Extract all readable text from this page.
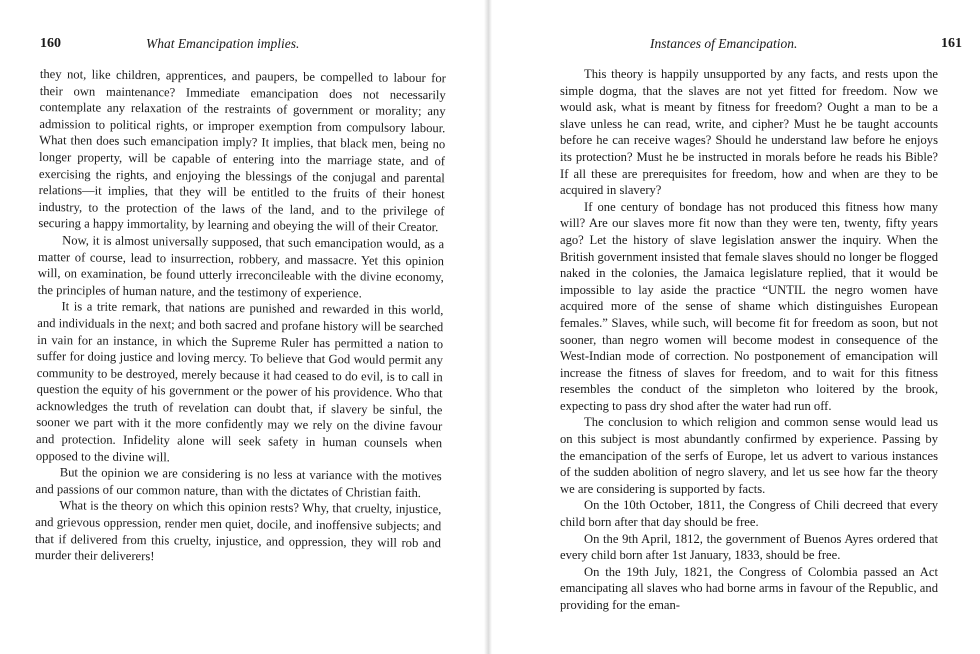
160	What Emancipation implies.

they not, like children, apprentices, and paupers, be compelled to labour for their own maintenance? Immediate emancipation does not necessarily contemplate any relaxation of the restraints of government or morality; any admission to political rights, or improper exemption from compulsory labour. What then does such emancipation imply? It implies, that black men, being no longer property, will be capable of entering into the marriage state, and of exercising the rights, and enjoying the blessings of the conjugal and parental relations—it implies, that they will be entitled to the fruits of their honest industry, to the protection of the laws of the land, and to the privilege of securing a happy immortality, by learning and obeying the will of their Creator.

Now, it is almost universally supposed, that such emancipation would, as a matter of course, lead to insurrection, robbery, and massacre. Yet this opinion will, on examination, be found utterly irreconcileable with the divine economy, the principles of human nature, and the testimony of experience.

It is a trite remark, that nations are punished and rewarded in this world, and individuals in the next; and both sacred and profane history will be searched in vain for an instance, in which the Supreme Ruler has permitted a nation to suffer for doing justice and loving mercy. To believe that God would permit any community to be destroyed, merely because it had ceased to do evil, is to call in question the equity of his government or the power of his providence. Who that acknowledges the truth of revelation can doubt that, if slavery be sinful, the sooner we part with it the more confidently may we rely on the divine favour and protection. Infidelity alone will seek safety in human counsels when opposed to the divine will.

But the opinion we are considering is no less at variance with the motives and passions of our common nature, than with the dictates of Christian faith.

What is the theory on which this opinion rests? Why, that cruelty, injustice, and grievous oppression, render men quiet, docile, and inoffensive subjects; and that if delivered from this cruelty, injustice, and oppression, they will rob and murder their deliverers!

Instances of Emancipation.	161

This theory is happily unsupported by any facts, and rests upon the simple dogma, that the slaves are not yet fitted for freedom. Now we would ask, what is meant by fitness for freedom? Ought a man to be a slave unless he can read, write, and cipher? Must he be taught accounts before he can receive wages? Should he understand law before he enjoys its protection? Must he be instructed in morals before he reads his Bible? If all these are prerequisites for freedom, how and when are they to be acquired in slavery?

If one century of bondage has not produced this fitness how many will? Are our slaves more fit now than they were ten, twenty, fifty years ago? Let the history of slave legislation answer the inquiry. When the British government insisted that female slaves should no longer be flogged naked in the colonies, the Jamaica legislature replied, that it would be impossible to lay aside the practice “UNTIL the negro women have acquired more of the sense of shame which distinguishes European females.” Slaves, while such, will become fit for freedom as soon, but not sooner, than negro women will become modest in consequence of the West-Indian mode of correction. No postponement of emancipation will increase the fitness of slaves for freedom, and to wait for this fitness resembles the conduct of the simpleton who loitered by the brook, expecting to pass dry shod after the water had run off.

The conclusion to which religion and common sense would lead us on this subject is most abundantly confirmed by experience. Passing by the emancipation of the serfs of Europe, let us advert to various instances of the sudden abolition of negro slavery, and let us see how far the theory we are considering is supported by facts.

On the 10th October, 1811, the Congress of Chili decreed that every child born after that day should be free.

On the 9th April, 1812, the government of Buenos Ayres ordered that every child born after 1st January, 1833, should be free.

On the 19th July, 1821, the Congress of Colombia passed an Act emancipating all slaves who had borne arms in favour of the Republic, and providing for the eman-
